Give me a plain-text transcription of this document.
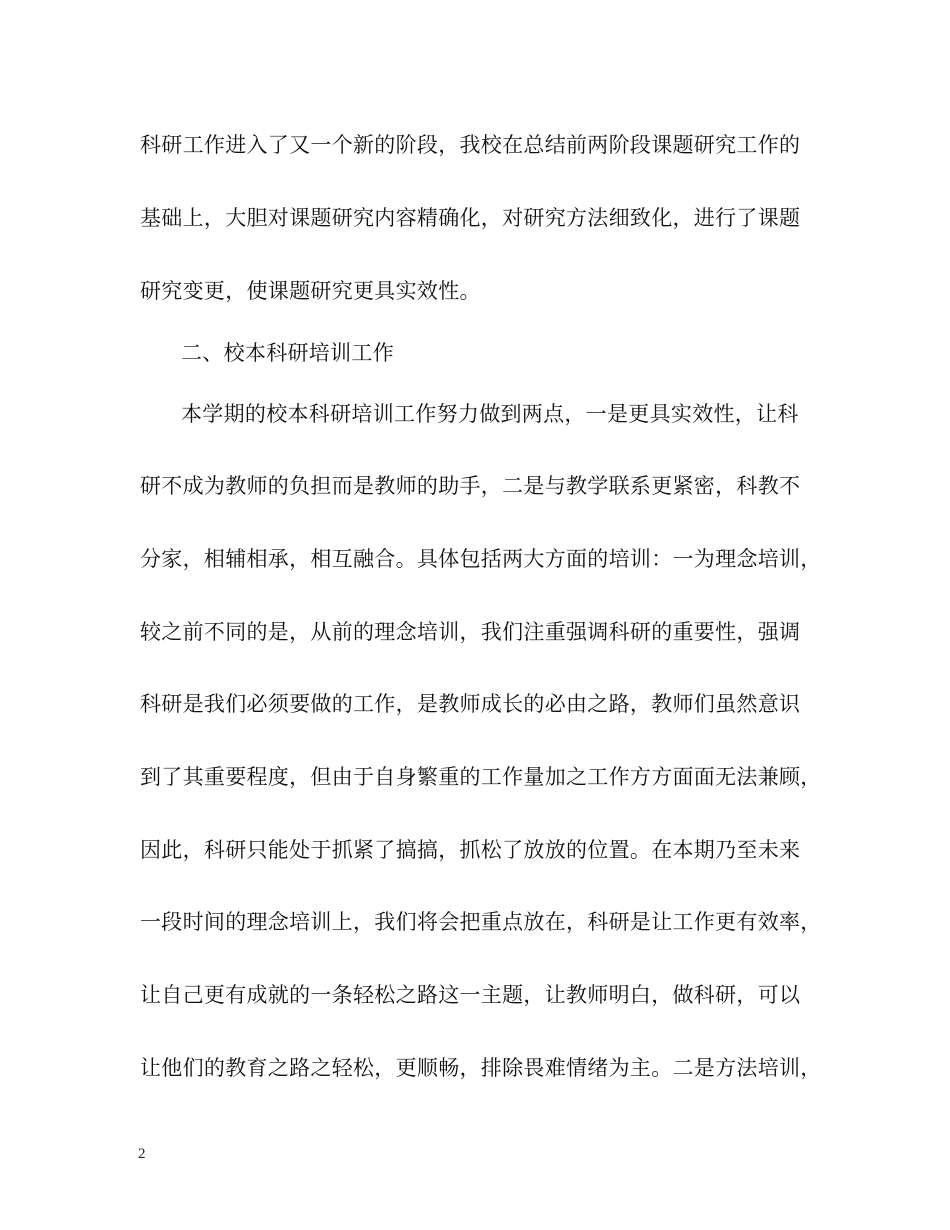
科研工作进入了又一个新的阶段，我校在总结前两阶段课题研究工作的
基础上，大胆对课题研究内容精确化，对研究方法细致化，进行了课题
研究变更，使课题研究更具实效性。
二、校本科研培训工作
本学期的校本科研培训工作努力做到两点，一是更具实效性，让科
研不成为教师的负担而是教师的助手，二是与教学联系更紧密，科教不
分家，相辅相承，相互融合。具体包括两大方面的培训：一为理念培训，
较之前不同的是，从前的理念培训，我们注重强调科研的重要性，强调
科研是我们必须要做的工作，是教师成长的必由之路，教师们虽然意识
到了其重要程度，但由于自身繁重的工作量加之工作方方面面无法兼顾，
因此，科研只能处于抓紧了搞搞，抓松了放放的位置。在本期乃至未来
一段时间的理念培训上，我们将会把重点放在，科研是让工作更有效率，
让自己更有成就的一条轻松之路这一主题，让教师明白，做科研，可以
让他们的教育之路之轻松，更顺畅，排除畏难情绪为主。二是方法培训，
2
